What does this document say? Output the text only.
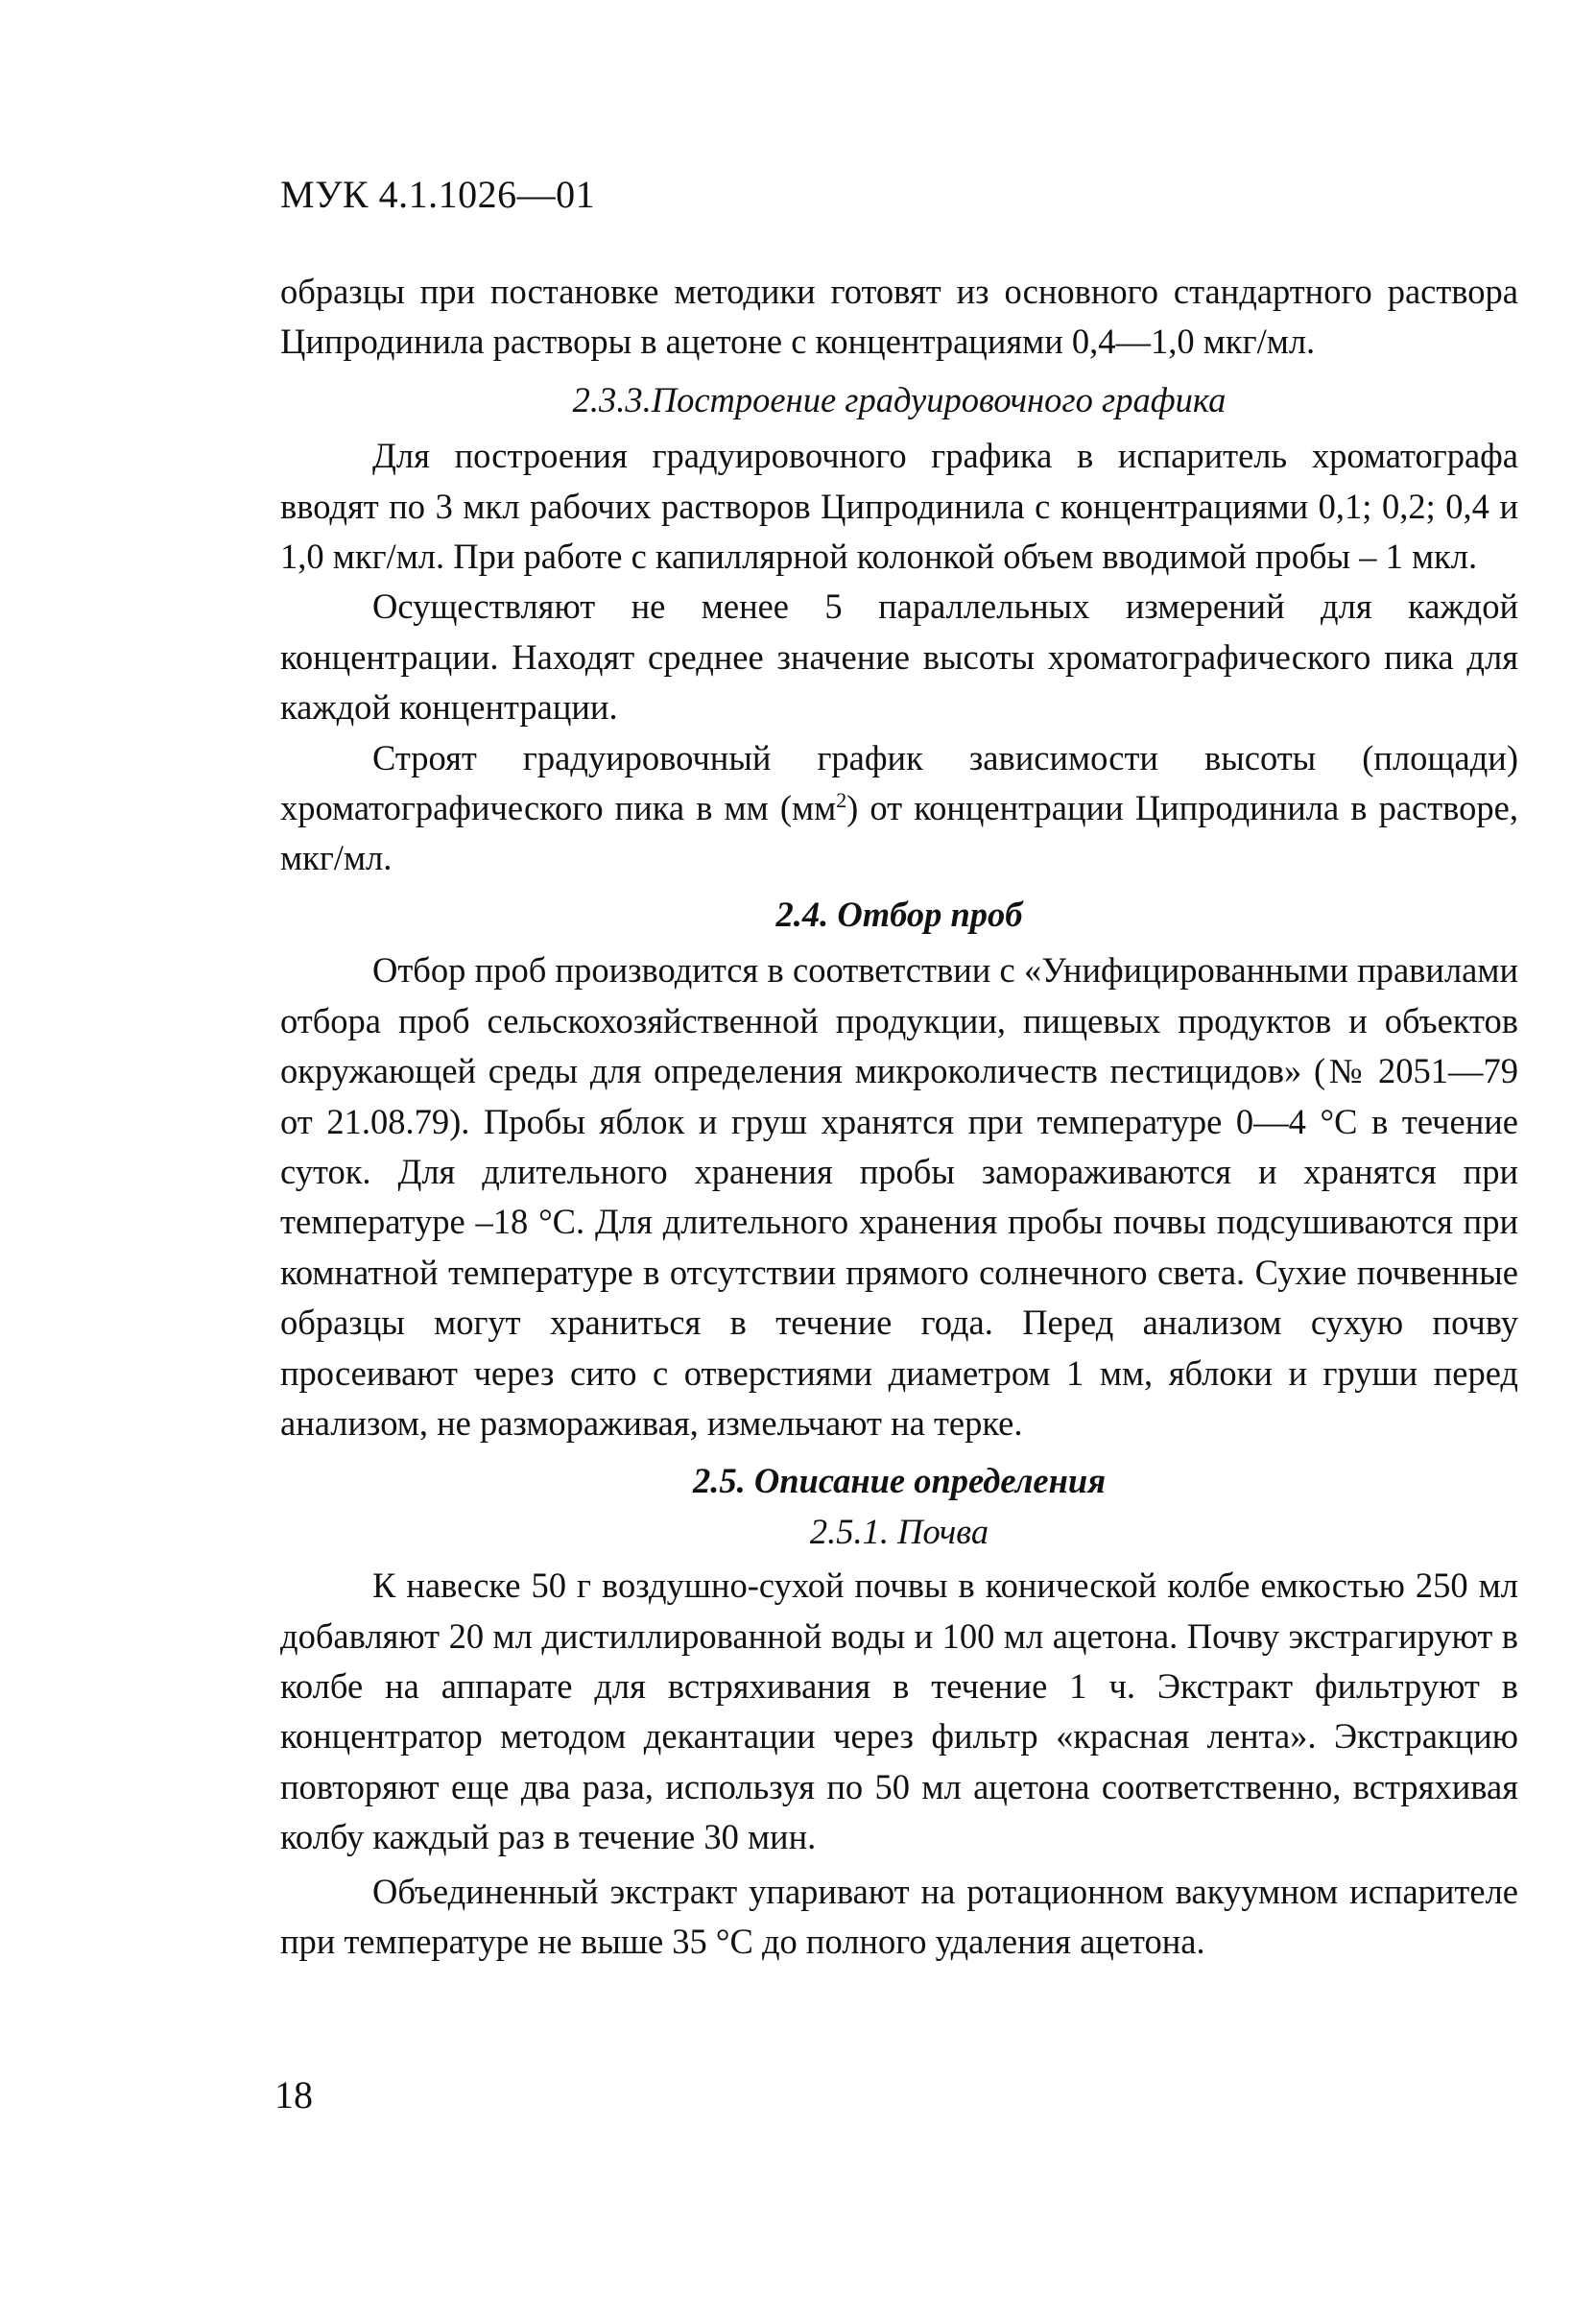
МУК 4.1.1026—01

образцы при постановке методики готовят из основного стандартного раствора Ципродинила растворы в ацетоне с концентрациями 0,4—1,0 мкг/мл.

2.3.3.Построение градуировочного графика

Для построения градуировочного графика в испаритель хроматографа вводят по 3 мкл рабочих растворов Ципродинила с концентрациями 0,1; 0,2; 0,4 и 1,0 мкг/мл. При работе с капиллярной колонкой объем вводимой пробы – 1 мкл.

Осуществляют не менее 5 параллельных измерений для каждой концентрации. Находят среднее значение высоты хроматографического пика для каждой концентрации.

Строят градуировочный график зависимости высоты (площади) хроматографического пика в мм $(мм^2)$ от концентрации Ципродинила в растворе, мкг/мл.

2.4. Отбор проб

Отбор проб производится в соответствии с «Унифицированными правилами отбора проб сельскохозяйственной продукции, пищевых продуктов и объектов окружающей среды для определения микроколичеств пестицидов» (№ 2051—79 от 21.08.79). Пробы яблок и груш хранятся при температуре 0—4 °С в течение суток. Для длительного хранения пробы замораживаются и хранятся при температуре –18 °С. Для длительного хранения пробы почвы подсушиваются при комнатной температуре в отсутствии прямого солнечного света. Сухие почвенные образцы могут храниться в течение года. Перед анализом сухую почву просеивают через сито с отверстиями диаметром 1 мм, яблоки и груши перед анализом, не размораживая, измельчают на терке.

2.5. Описание определения

2.5.1. Почва

К навеске 50 г воздушно-сухой почвы в конической колбе емкостью 250 мл добавляют 20 мл дистиллированной воды и 100 мл ацетона. Почву экстрагируют в колбе на аппарате для встряхивания в течение 1 ч. Экстракт фильтруют в концентратор методом декантации через фильтр «красная лента». Экстракцию повторяют еще два раза, используя по 50 мл ацетона соответственно, встряхивая колбу каждый раз в течение 30 мин.

Объединенный экстракт упаривают на ротационном вакуумном испарителе при температуре не выше 35 °С до полного удаления ацетона.

18
